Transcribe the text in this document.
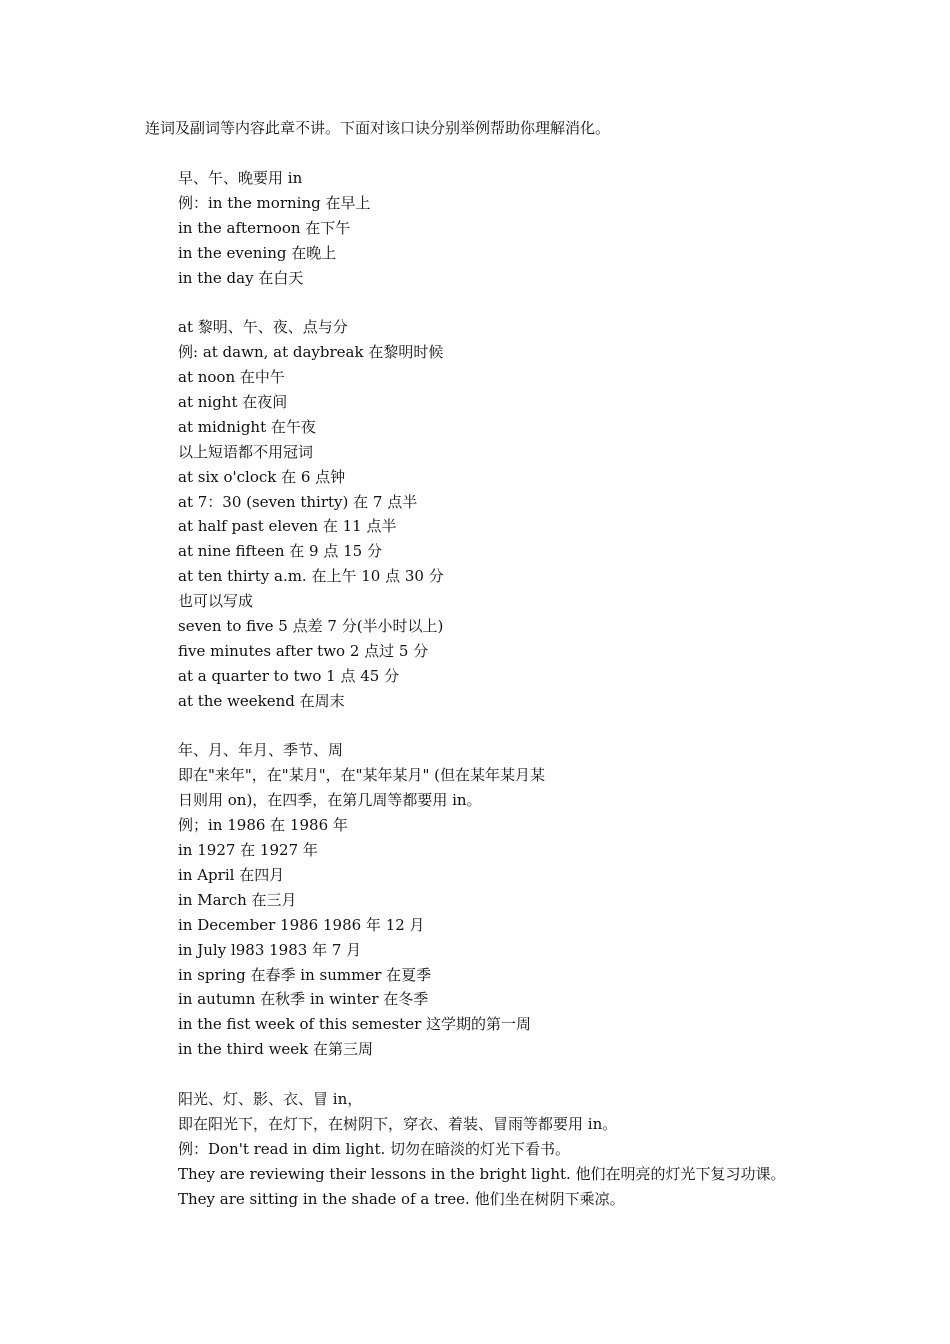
连词及副词等内容此章不讲。下面对该口诀分别举例帮助你理解消化。
早、午、晚要用 in
例：in the morning 在早上
in the afternoon 在下午
in the evening 在晚上
in the day 在白天
at 黎明、午、夜、点与分
例: at dawn, at daybreak 在黎明时候
at noon 在中午
at night 在夜间
at midnight 在午夜
以上短语都不用冠词
at six o'clock 在 6 点钟
at 7：30 (seven thirty) 在 7 点半
at half past eleven 在 11 点半
at nine fifteen 在 9 点 15 分
at ten thirty a.m. 在上午 10 点 30 分
也可以写成
seven to five 5 点差 7 分(半小时以上)
five minutes after two 2 点过 5 分
at a quarter to two 1 点 45 分
at the weekend 在周末
年、月、年月、季节、周
即在"来年"，在"某月"，在"某年某月" (但在某年某月某
日则用 on)，在四季，在第几周等都要用 in。
例；in 1986 在 1986 年
in 1927 在 1927 年
in April 在四月
in March 在三月
in December 1986 1986 年 12 月
in July l983 1983 年 7 月
in spring 在春季 in summer 在夏季
in autumn 在秋季 in winter 在冬季
in the fist week of this semester 这学期的第一周
in the third week 在第三周
阳光、灯、影、衣、冒 in，
即在阳光下，在灯下，在树阴下，穿衣、着装、冒雨等都要用 in。
例：Don't read in dim light. 切勿在暗淡的灯光下看书。
They are reviewing their lessons in the bright light. 他们在明亮的灯光下复习功课。
They are sitting in the shade of a tree. 他们坐在树阴下乘凉。
